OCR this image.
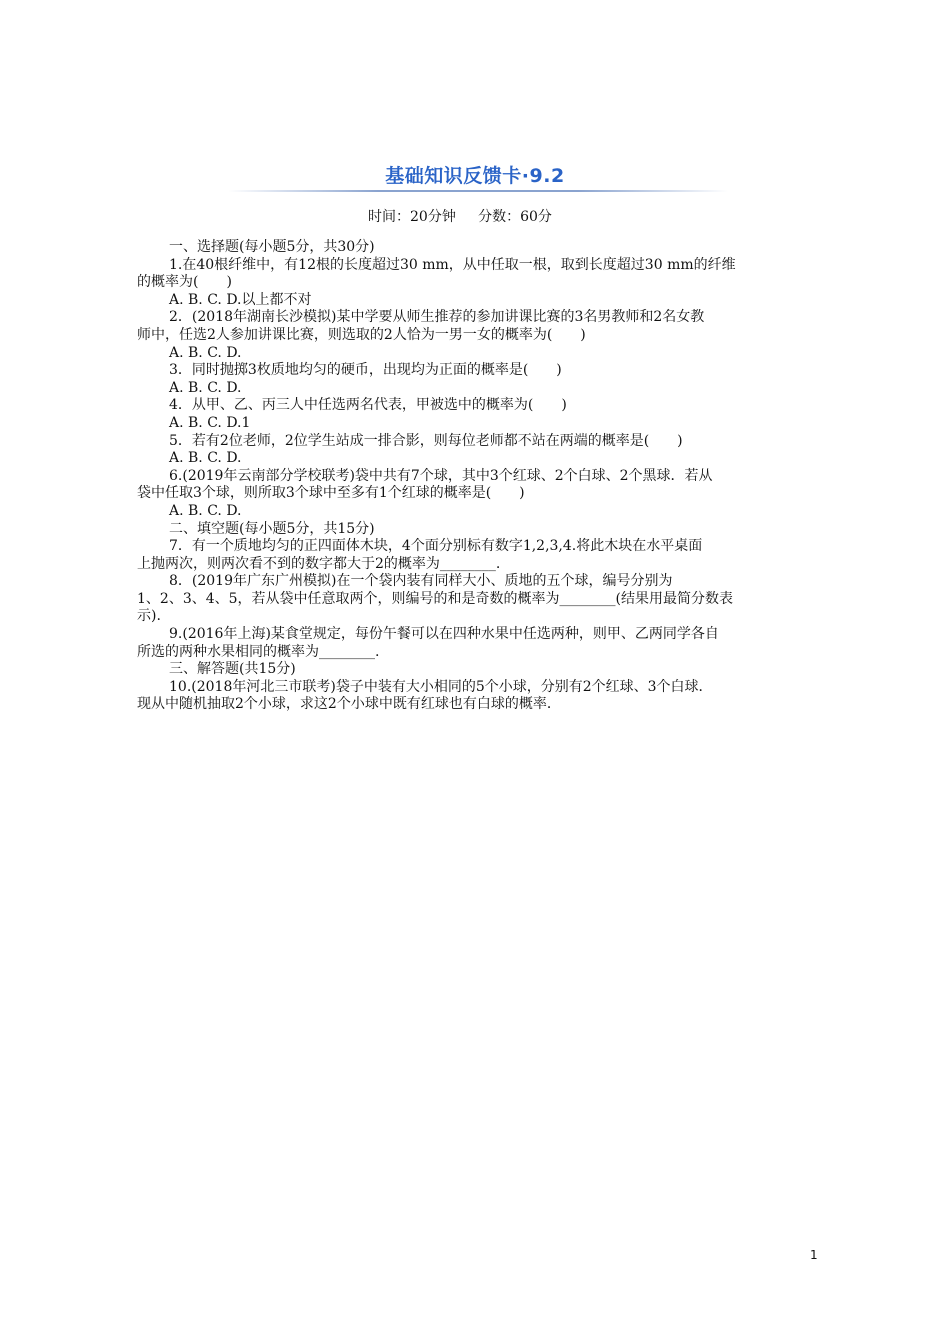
基础知识反馈卡·9.2
时间：20分钟     分数：60分
一、选择题(每小题5分，共30分)
1.在40根纤维中，有12根的长度超过30 mm，从中任取一根，取到长度超过30 mm的纤维
的概率为(　　)
A. B. C. D.以上都不对
2．(2018年湖南长沙模拟)某中学要从师生推荐的参加讲课比赛的3名男教师和2名女教
师中，任选2人参加讲课比赛，则选取的2人恰为一男一女的概率为(　　)
A. B. C. D.
3．同时抛掷3枚质地均匀的硬币，出现均为正面的概率是(　　)
A. B. C. D.
4．从甲、乙、丙三人中任选两名代表，甲被选中的概率为(　　)
A. B. C. D.1
5．若有2位老师，2位学生站成一排合影，则每位老师都不站在两端的概率是(　　)
A. B. C. D.
6.(2019年云南部分学校联考)袋中共有7个球，其中3个红球、2个白球、2个黑球．若从
袋中任取3个球，则所取3个球中至多有1个红球的概率是(　　)
A. B. C. D.
二、填空题(每小题5分，共15分)
7．有一个质地均匀的正四面体木块，4个面分别标有数字1,2,3,4.将此木块在水平桌面
上抛两次，则两次看不到的数字都大于2的概率为________.
8．(2019年广东广州模拟)在一个袋内装有同样大小、质地的五个球，编号分别为
1、2、3、4、5，若从袋中任意取两个，则编号的和是奇数的概率为________(结果用最简分数表
示).
9.(2016年上海)某食堂规定，每份午餐可以在四种水果中任选两种，则甲、乙两同学各自
所选的两种水果相同的概率为________.
三、解答题(共15分)
10.(2018年河北三市联考)袋子中装有大小相同的5个小球，分别有2个红球、3个白球．
现从中随机抽取2个小球，求这2个小球中既有红球也有白球的概率．
1
